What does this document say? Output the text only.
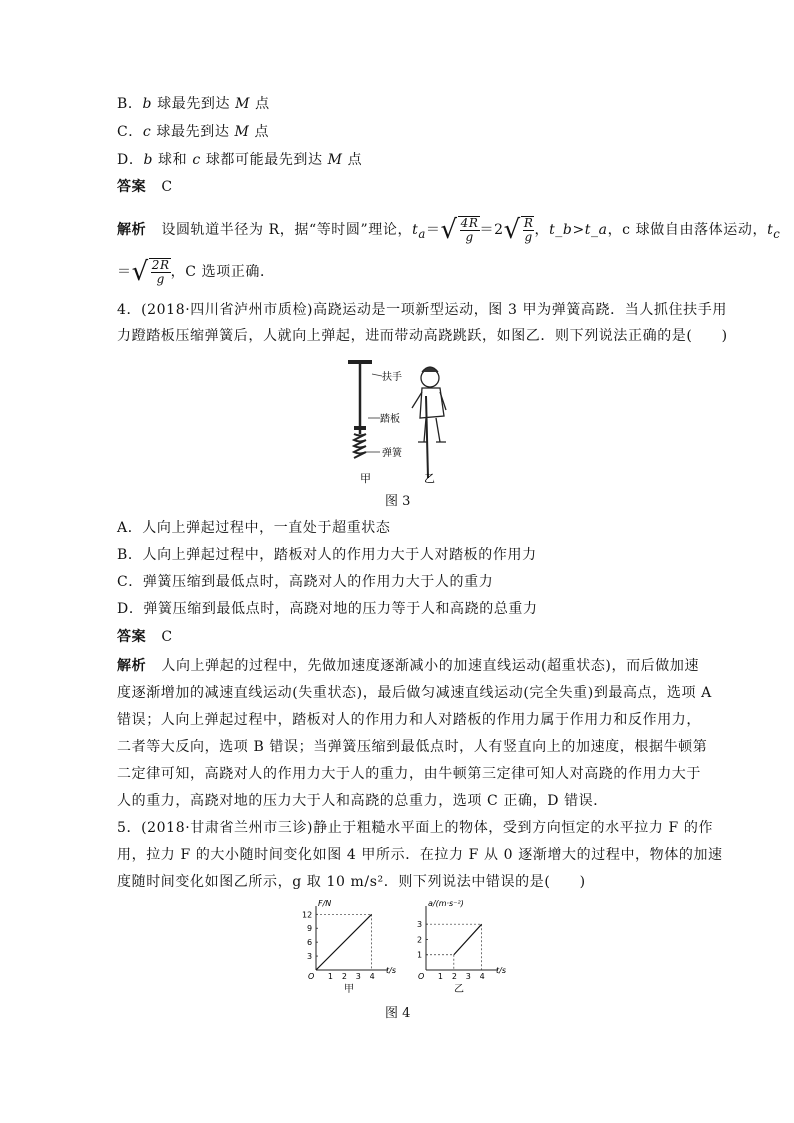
B．b 球最先到达 M 点
C．c 球最先到达 M 点
D．b 球和 c 球都可能最先到达 M 点
答案 C
解析 设圆轨道半径为 R，据“等时圆”理论，$t_a=√ \frac{4R}{g} =2√ \frac{R}{g}$ ，t_b>t_a，c 球做自由落体运动，$t_c$
＝√ $\frac{2R}{g}$ ，C 选项正确．
4．(2018·四川省泸州市质检)高跷运动是一项新型运动，图 3 甲为弹簧高跷．当人抓住扶手用
力蹬踏板压缩弹簧后，人就向上弹起，进而带动高跷跳跃，如图乙．则下列说法正确的是(　　)
扶手
踏板
弹簧
甲	乙
图 3
A．人向上弹起过程中，一直处于超重状态
B．人向上弹起过程中，踏板对人的作用力大于人对踏板的作用力
C．弹簧压缩到最低点时，高跷对人的作用力大于人的重力
D．弹簧压缩到最低点时，高跷对地的压力等于人和高跷的总重力
答案 C
解析 人向上弹起的过程中，先做加速度逐渐减小的加速直线运动(超重状态)，而后做加速
度逐渐增加的减速直线运动(失重状态)，最后做匀减速直线运动(完全失重)到最高点，选项 A
错误；人向上弹起过程中，踏板对人的作用力和人对踏板的作用力属于作用力和反作用力，
二者等大反向，选项 B 错误；当弹簧压缩到最低点时，人有竖直向上的加速度，根据牛顿第
二定律可知，高跷对人的作用力大于人的重力，由牛顿第三定律可知人对高跷的作用力大于
人的重力，高跷对地的压力大于人和高跷的总重力，选项 C 正确，D 错误．
5．(2018·甘肃省兰州市三诊)静止于粗糙水平面上的物体，受到方向恒定的水平拉力 F 的作
用，拉力 F 的大小随时间变化如图 4 甲所示．在拉力 F 从 0 逐渐增大的过程中，物体的加速
度随时间变化如图乙所示，g 取 10 m/s²．则下列说法中错误的是(　　)
F/N
t/s
O 1 2 3 4
3
6
9
12
甲
a/(m·s⁻²)
t/s
O 1 2 3 4
1
2
3
乙
图 4
